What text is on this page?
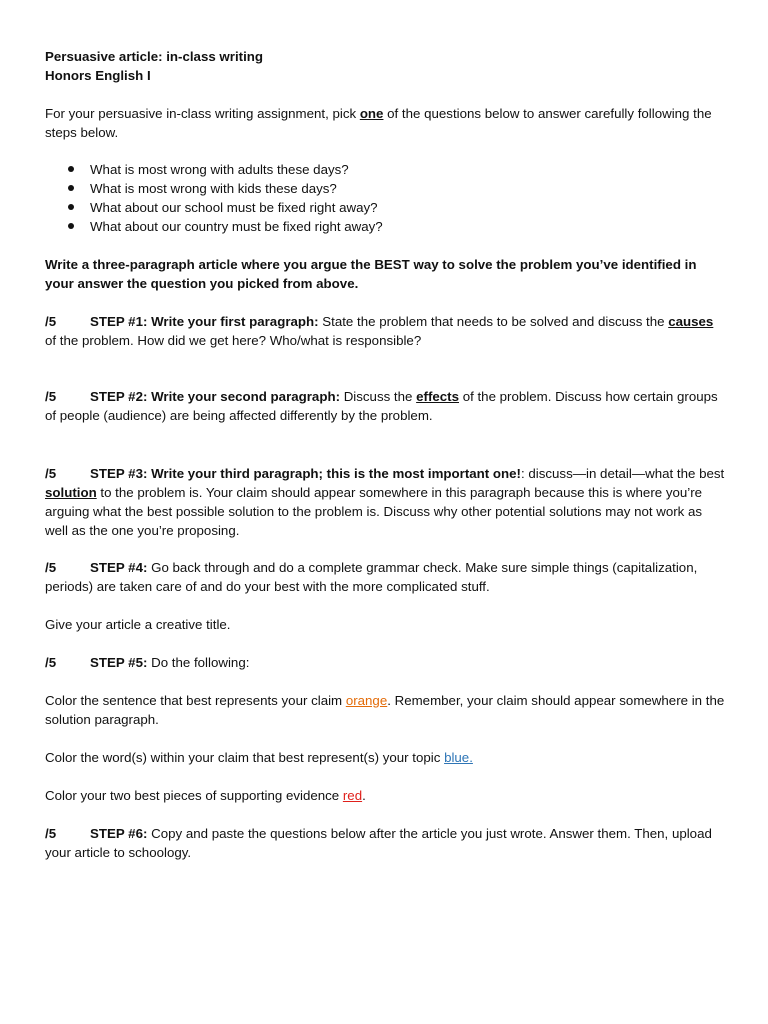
Persuasive article: in-class writing
Honors English I

For your persuasive in-class writing assignment, pick one of the questions below to answer carefully following the steps below.

What is most wrong with adults these days?
What is most wrong with kids these days?
What about our school must be fixed right away?
What about our country must be fixed right away?

Write a three-paragraph article where you argue the BEST way to solve the problem you’ve identified in your answer the question you picked from above.

/5	STEP #1: Write your first paragraph: State the problem that needs to be solved and discuss the causes of the problem. How did we get here? Who/what is responsible?

/5	STEP #2: Write your second paragraph: Discuss the effects of the problem. Discuss how certain groups of people (audience) are being affected differently by the problem.

/5	STEP #3: Write your third paragraph; this is the most important one!: discuss—in detail—what the best solution to the problem is. Your claim should appear somewhere in this paragraph because this is where you’re arguing what the best possible solution to the problem is. Discuss why other potential solutions may not work as well as the one you’re proposing.

/5	STEP #4: Go back through and do a complete grammar check. Make sure simple things (capitalization, periods) are taken care of and do your best with the more complicated stuff.

Give your article a creative title.

/5	STEP #5: Do the following:

Color the sentence that best represents your claim orange. Remember, your claim should appear somewhere in the solution paragraph.

Color the word(s) within your claim that best represent(s) your topic blue.

Color your two best pieces of supporting evidence red.

/5	STEP #6: Copy and paste the questions below after the article you just wrote. Answer them. Then, upload your article to schoology.
